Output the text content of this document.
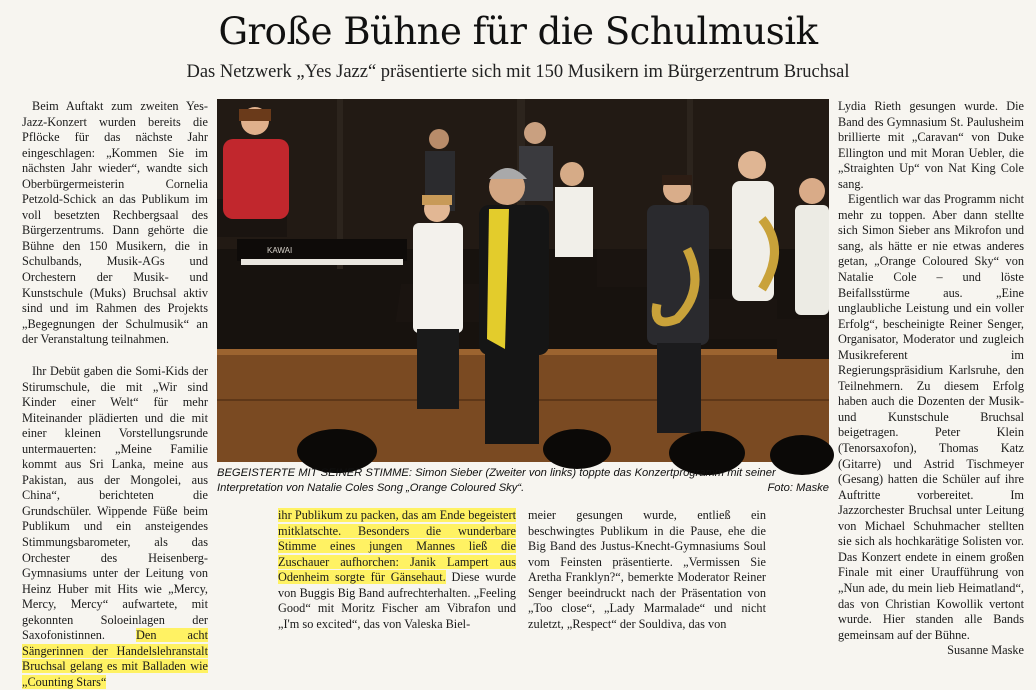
Große Bühne für die Schulmusik
Das Netzwerk „Yes Jazz“ präsentierte sich mit 150 Musikern im Bürgerzentrum Bruchsal

Beim Auftakt zum zweiten Yes-Jazz-Konzert wurden bereits die Pflöcke für das nächste Jahr eingeschlagen: „Kommen Sie im nächsten Jahr wieder“, wandte sich Oberbürgermeisterin Cornelia Petzold-Schick an das Publikum im voll besetzten Rechbergsaal des Bürgerzentrums. Dann gehörte die Bühne den 150 Musikern, die in Schulbands, Musik-AGs und Orchestern der Musik- und Kunstschule (Muks) Bruchsal aktiv sind und im Rahmen des Projekts „Begegnungen der Schulmusik“ an der Veranstaltung teilnahmen.

Ihr Debüt gaben die Somi-Kids der Stirumschule, die mit „Wir sind Kinder einer Welt“ für mehr Miteinander plädierten und die mit einer kleinen Vorstellungsrunde untermauerten: „Meine Familie kommt aus Sri Lanka, meine aus Pakistan, aus der Mongolei, aus China“, berichteten die Grundschüler. Wippende Füße beim Publikum und ein ansteigendes Stimmungsbarometer, als das Orchester des Heisenberg-Gymnasiums unter der Leitung von Heinz Huber mit Hits wie „Mercy, Mercy, Mercy“ aufwartete, mit gekonnten Soloeinlagen der Saxofonistinnen.	Den acht Sängerinnen der Handelslehranstalt Bruchsal gelang es mit Balladen wie „Counting Stars“

KAWAI
BEGEISTERTE MIT SEINER STIMME: Simon Sieber (Zweiter von links) toppte das Konzertprogramm mit seiner Interpretation von Natalie Coles Song „Orange Coloured Sky“.	Foto: Maske

ihr Publikum zu packen, das am Ende begeistert mitklatschte. Besonders die wunderbare Stimme eines jungen Mannes ließ die Zuschauer aufhorchen: Janik Lampert aus Odenheim sorgte für Gänsehaut. Diese wurde von Buggis Big Band aufrechterhalten. „Feeling Good“ mit Moritz Fischer am Vibrafon und „I'm so excited“, das von Valeska Biel-

meier gesungen wurde, entließ ein beschwingtes Publikum in die Pause, ehe die Big Band des Justus-Knecht-Gymnasiums Soul vom Feinsten präsentierte. „Vermissen Sie Aretha Franklyn?“, bemerkte Moderator Reiner Senger beeindruckt nach der Präsentation von „Too close“, „Lady Marmalade“ und nicht zuletzt, „Respect“ der Souldiva, das von

Lydia Rieth gesungen wurde. Die Band des Gymnasium St. Paulusheim brillierte mit „Caravan“ von Duke Ellington und mit Moran Uebler, die „Straighten Up“ von Nat King Cole sang.

Eigentlich war das Programm nicht mehr zu toppen. Aber dann stellte sich Simon Sieber ans Mikrofon und sang, als hätte er nie etwas anderes getan, „Orange Coloured Sky“ von Natalie Cole – und löste Beifallsstürme aus. „Eine unglaubliche Leistung und ein voller Erfolg“, bescheinigte Reiner Senger, Organisator, Moderator und zugleich Musikreferent im Regierungspräsidium Karlsruhe, den Teilnehmern. Zu diesem Erfolg haben auch die Dozenten der Musik- und Kunstschule Bruchsal beigetragen. Peter Klein (Tenorsaxofon), Thomas Katz (Gitarre) und Astrid Tischmeyer (Gesang) hatten die Schüler auf ihre Auftritte vorbereitet. Im Jazzorchester Bruchsal unter Leitung von Michael Schuhmacher stellten sie sich als hochkarätige Solisten vor. Das Konzert endete in einem großen Finale mit einer Uraufführung von „Nun ade, du mein lieb Heimatland“, das von Christian Kowollik vertont wurde. Hier standen alle Bands gemeinsam auf der Bühne.

Susanne Maske
